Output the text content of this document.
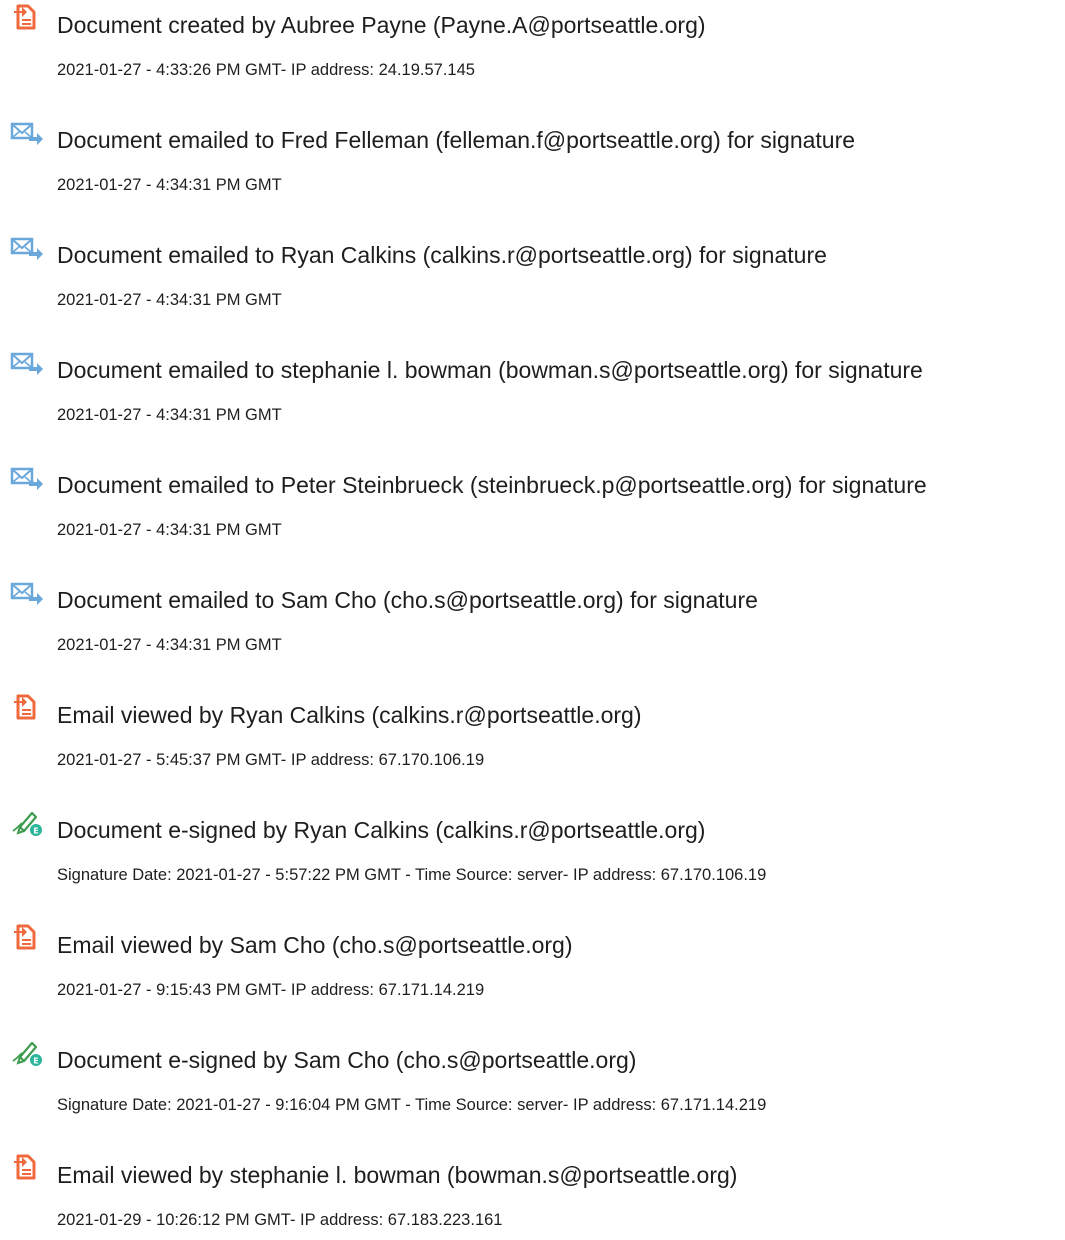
Document created by Aubree Payne (Payne.A@portseattle.org)
2021-01-27 - 4:33:26 PM GMT- IP address: 24.19.57.145
Document emailed to Fred Felleman (felleman.f@portseattle.org) for signature
2021-01-27 - 4:34:31 PM GMT
Document emailed to Ryan Calkins (calkins.r@portseattle.org) for signature
2021-01-27 - 4:34:31 PM GMT
Document emailed to stephanie l. bowman (bowman.s@portseattle.org) for signature
2021-01-27 - 4:34:31 PM GMT
Document emailed to Peter Steinbrueck (steinbrueck.p@portseattle.org) for signature
2021-01-27 - 4:34:31 PM GMT
Document emailed to Sam Cho (cho.s@portseattle.org) for signature
2021-01-27 - 4:34:31 PM GMT
Email viewed by Ryan Calkins (calkins.r@portseattle.org)
2021-01-27 - 5:45:37 PM GMT- IP address: 67.170.106.19
E Document e-signed by Ryan Calkins (calkins.r@portseattle.org)
Signature Date: 2021-01-27 - 5:57:22 PM GMT - Time Source: server- IP address: 67.170.106.19
Email viewed by Sam Cho (cho.s@portseattle.org)
2021-01-27 - 9:15:43 PM GMT- IP address: 67.171.14.219
E Document e-signed by Sam Cho (cho.s@portseattle.org)
Signature Date: 2021-01-27 - 9:16:04 PM GMT - Time Source: server- IP address: 67.171.14.219
Email viewed by stephanie l. bowman (bowman.s@portseattle.org)
2021-01-29 - 10:26:12 PM GMT- IP address: 67.183.223.161
